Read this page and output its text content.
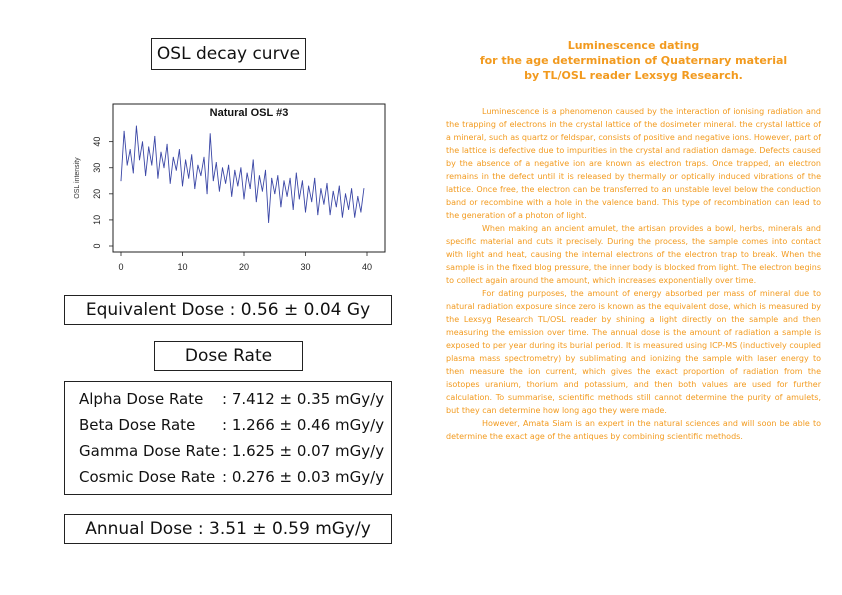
OSL decay curve
Natural OSL #3
OSL intensity
0
10
20
30
40
0	10	20	30	40
Equivalent Dose : 0.56 ± 0.04 Gy
Dose Rate
Alpha Dose Rate	: 7.412 ± 0.35 mGy/y
Beta Dose Rate	: 1.266 ± 0.46 mGy/y
Gamma Dose Rate : 1.625 ± 0.07 mGy/y
Cosmic Dose Rate : 0.276 ± 0.03 mGy/y
Annual Dose : 3.51 ± 0.59 mGy/y
Luminescence dating
for the age determination of Quaternary material
by TL/OSL reader Lexsyg Research.

Luminescence is a phenomenon caused by the interaction of ionising radiation and the trapping of electrons in the crystal lattice of the dosimeter mineral. the crystal lattice of a mineral, such as quartz or feldspar, consists of positive and negative ions. However, part of the lattice is defective due to impurities in the crystal and radiation damage. Defects caused by the absence of a negative ion are known as electron traps. Once trapped, an electron remains in the defect until it is released by thermally or optically induced vibrations of the lattice. Once free, the electron can be transferred to an unstable level below the conduction band or recombine with a hole in the valence band. This type of recombination can lead to the generation of a photon of light.

When making an ancient amulet, the artisan provides a bowl, herbs, minerals and specific material and cuts it precisely. During the process, the sample comes into contact with light and heat, causing the internal electrons of the electron trap to break. When the sample is in the fixed blog pressure, the inner body is blocked from light. The electron begins to collect again around the amount, which increases exponentially over time.

For dating purposes, the amount of energy absorbed per mass of mineral due to natural radiation exposure since zero is known as the equivalent dose, which is measured by the Lexsyg Research TL/OSL reader by shining a light directly on the sample and then measuring the emission over time. The annual dose is the amount of radiation a sample is exposed to per year during its burial period. It is measured using ICP-MS (inductively coupled plasma mass spectrometry) by sublimating and ionizing the sample with laser energy to then measure the ion current, which gives the exact proportion of radiation from the isotopes uranium, thorium and potassium, and then both values are used for further calculation. To summarise, scientific methods still cannot determine the purity of amulets, but they can determine how long ago they were made.

However, Amata Siam is an expert in the natural sciences and will soon be able to determine the exact age of the antiques by combining scientific methods.
